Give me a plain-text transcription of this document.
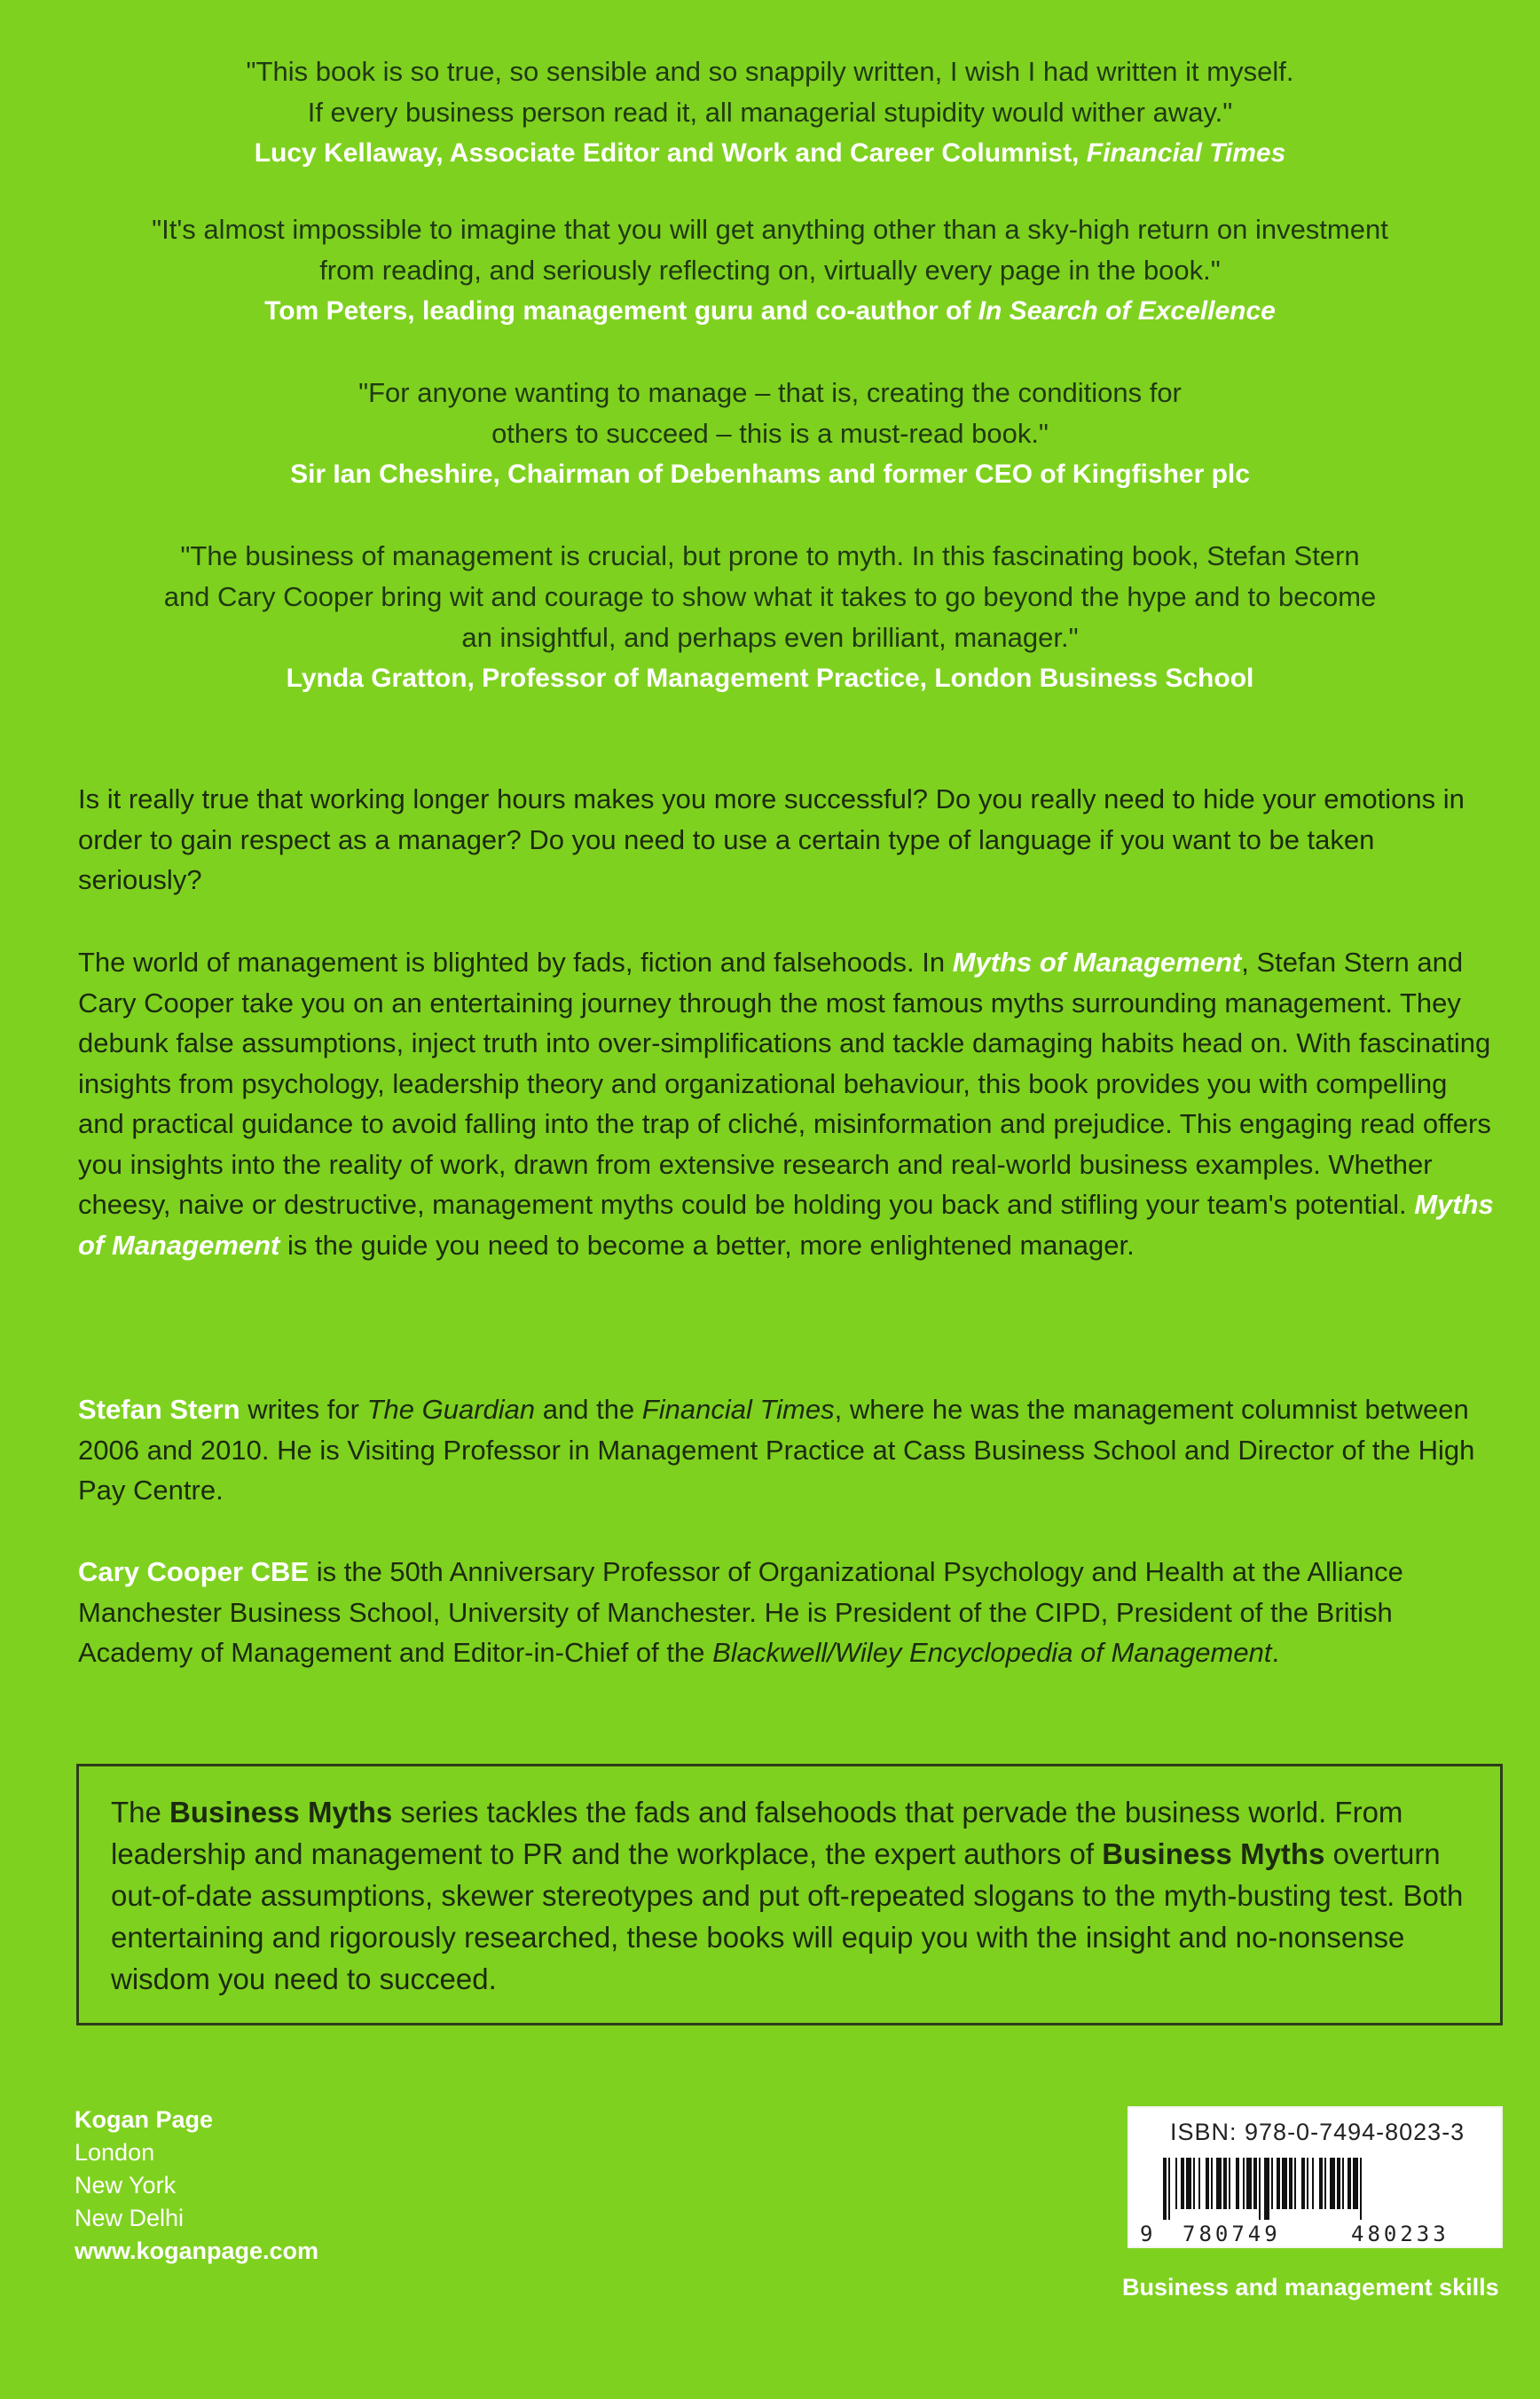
"This book is so true, so sensible and so snappily written, I wish I had written it myself.
If every business person read it, all managerial stupidity would wither away."
Lucy Kellaway, Associate Editor and Work and Career Columnist, Financial Times
"It's almost impossible to imagine that you will get anything other than a sky-high return on investment
from reading, and seriously reflecting on, virtually every page in the book."
Tom Peters, leading management guru and co-author of In Search of Excellence
"For anyone wanting to manage – that is, creating the conditions for
others to succeed – this is a must-read book."
Sir Ian Cheshire, Chairman of Debenhams and former CEO of Kingfisher plc
"The business of management is crucial, but prone to myth. In this fascinating book, Stefan Stern
and Cary Cooper bring wit and courage to show what it takes to go beyond the hype and to become
an insightful, and perhaps even brilliant, manager."
Lynda Gratton, Professor of Management Practice, London Business School
Is it really true that working longer hours makes you more successful? Do you really need to hide your emotions in order to gain respect as a manager? Do you need to use a certain type of language if you want to be taken seriously?
The world of management is blighted by fads, fiction and falsehoods. In Myths of Management, Stefan Stern and Cary Cooper take you on an entertaining journey through the most famous myths surrounding management. They debunk false assumptions, inject truth into over-simplifications and tackle damaging habits head on. With fascinating insights from psychology, leadership theory and organizational behaviour, this book provides you with compelling and practical guidance to avoid falling into the trap of cliché, misinformation and prejudice. This engaging read offers you insights into the reality of work, drawn from extensive research and real-world business examples. Whether cheesy, naive or destructive, management myths could be holding you back and stifling your team's potential. Myths of Management is the guide you need to become a better, more enlightened manager.
Stefan Stern writes for The Guardian and the Financial Times, where he was the management columnist between 2006 and 2010. He is Visiting Professor in Management Practice at Cass Business School and Director of the High Pay Centre.
Cary Cooper CBE is the 50th Anniversary Professor of Organizational Psychology and Health at the Alliance Manchester Business School, University of Manchester. He is President of the CIPD, President of the British Academy of Management and Editor-in-Chief of the Blackwell/Wiley Encyclopedia of Management.
The Business Myths series tackles the fads and falsehoods that pervade the business world. From leadership and management to PR and the workplace, the expert authors of Business Myths overturn out-of-date assumptions, skewer stereotypes and put oft-repeated slogans to the myth-busting test. Both entertaining and rigorously researched, these books will equip you with the insight and no-nonsense wisdom you need to succeed.
Kogan Page
London
New York
New Delhi
www.koganpage.com
ISBN: 978-0-7494-8023-3
9 780749	480233
Business and management skills
